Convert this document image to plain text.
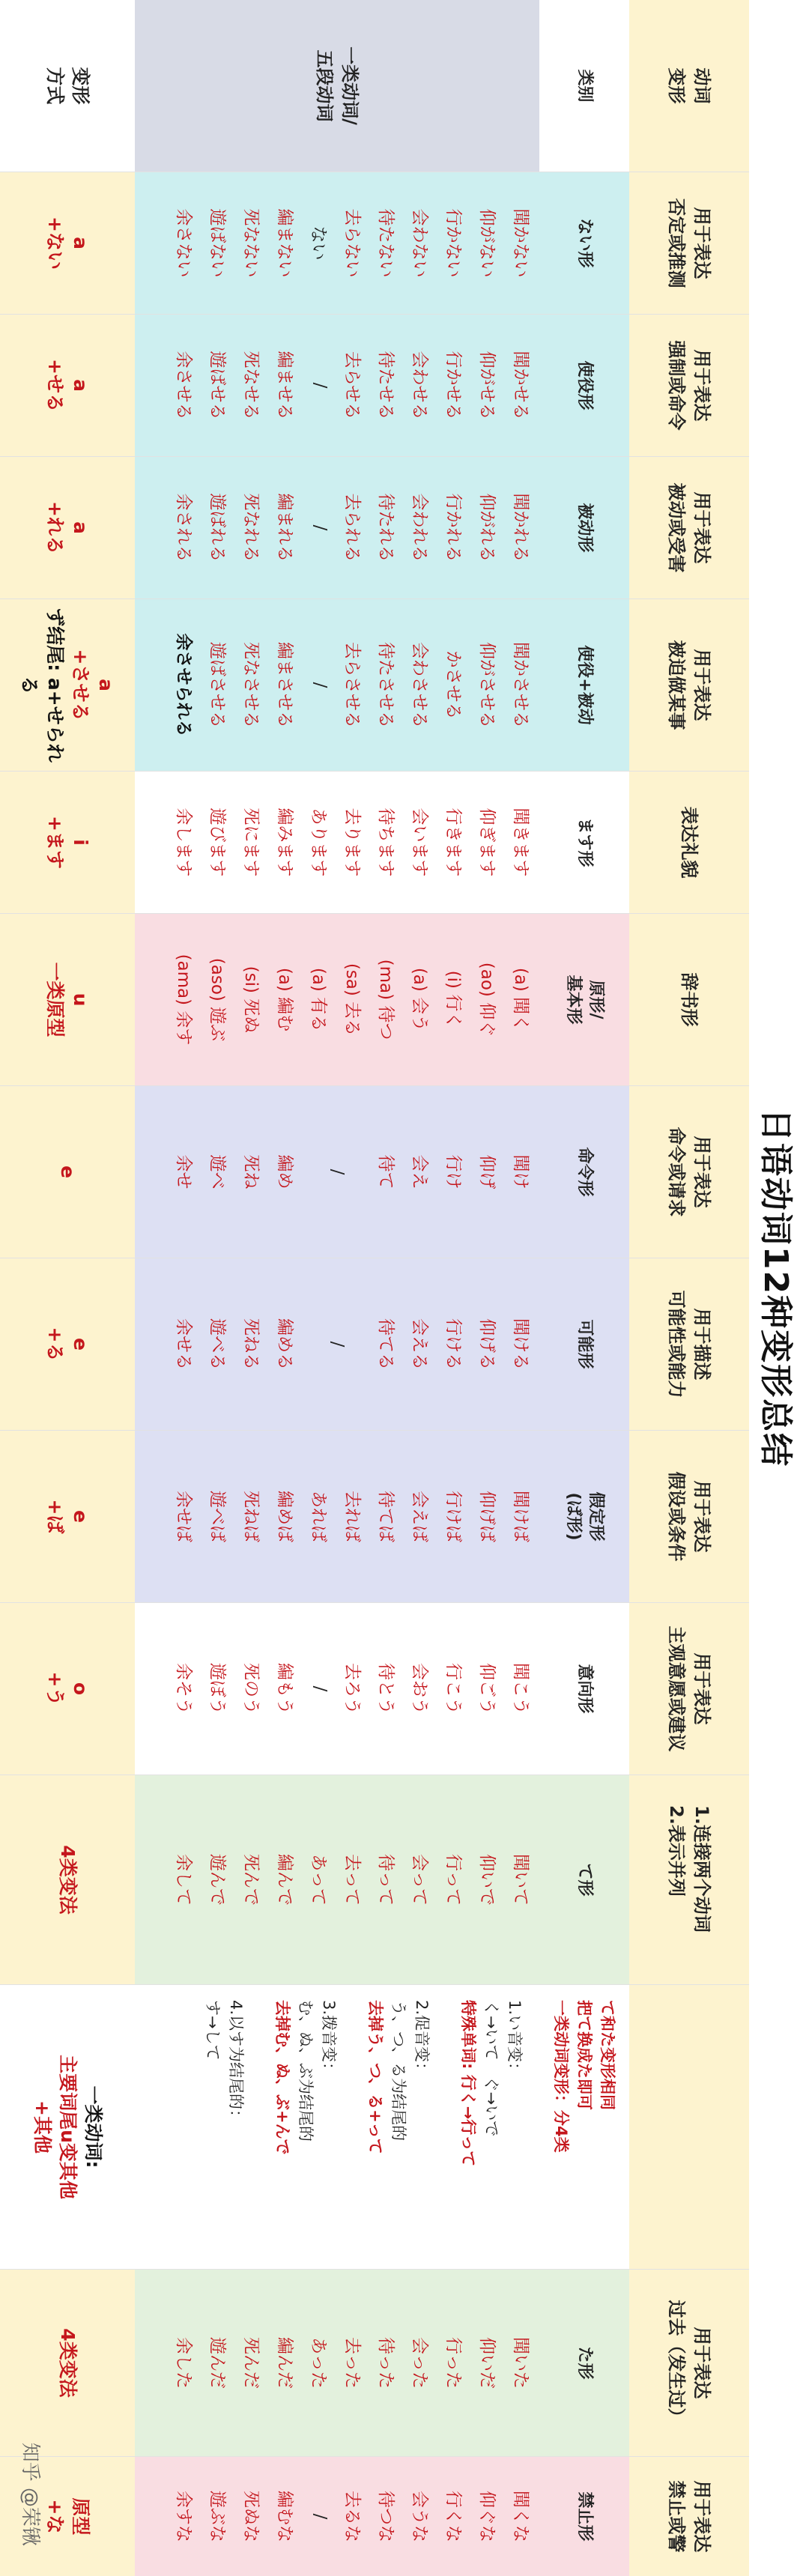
日语动词12种变形总结
动词
变形
类别
一类动词/
五段动词
变形
方式
用于表达
否定或推测
ない形
聞かない
仰がない
行かない
会わない
待たない
去らない
ない
編まない
死なない
遊ばない
余さない
a
+ない
用于表达
强制或命令
使役形
聞かせる
仰がせる
行かせる
会わせる
待たせる
去らせる
/
編ませる
死なせる
遊ばせる
余させる
a
+せる
用于表达
被动或受害
被动形
聞かれる
仰がれる
行かれる
会われる
待たれる
去られる
/
編まれる
死なれる
遊ばれる
余される
a
+れる
用于表达
被迫做某事
使役+被动
聞かさせる
仰がさせる
かさせる
会わさせる
待たさせる
去らさせる
/
編まさせる
死なさせる
遊ばさせる
余させられる
a
+させる
ず结尾: a+せられる
表达礼貌
ます形
聞きます
仰ぎます
行きます
会います
待ちます
去ります
あります
編みます
死にます
遊びます
余します
i
+ます
辞书形
原形/
基本形
(a) 聞く
(ao) 仰ぐ
(i) 行く
(a) 会う
(ma) 待つ
(sa) 去る
(a) 有る
(a) 編む
(si) 死ぬ
(aso) 遊ぶ
(ama) 余す
u
一类原型
用于表达
命令或请求
命令形
聞け
仰げ
行け
会え
待て
/
編め
死ね
遊べ
余せ
e
用于描述
可能性或能力
可能形
聞ける
仰げる
行ける
会える
待てる
/
編める
死ねる
遊べる
余せる
e
+る
用于表达
假设或条件
假定形
(ば形)
聞けば
仰げば
行けば
会えば
待てば
去れば
あれば
編めば
死ねば
遊べば
余せば
e
+ば
用于表达
主观意愿或建议
意向形
聞こう
仰ごう
行こう
会おう
待とう
去ろう
/
編もう
死のう
遊ぼう
余そう
o
+う
1.连接两个动词
2.表示并列
て形
聞いて
仰いで
行って
会って
待って
去って
あって
編んで
死んで
遊んで
余して
4类变法
て和た变形相同
把て换成た即可
一类动词变形：分4类

1.い音变：
く→いて　ぐ→いで
特殊单词: 行く→行って

2.促音变：
う、つ、る为结尾的
去掉う、つ、る+って

3.拨音变：
む、ぬ、ぶ为结尾的
去掉む、ぬ、ぶ+んで

4.以す为结尾的：
す→して
一类动词:
主要词尾u变其他
+其他
用于表达
过去（发生过）
た形
聞いた
仰いだ
行った
会った
待った
去った
あった
編んだ
死んだ
遊んだ
余した
4类变法
用于表达
禁止或警
禁止形
聞くな
仰ぐな
行くな
会うな
待つな
去るな
/
編むな
死ぬな
遊ぶな
余すな
原型
+な
知乎 @荣锹
